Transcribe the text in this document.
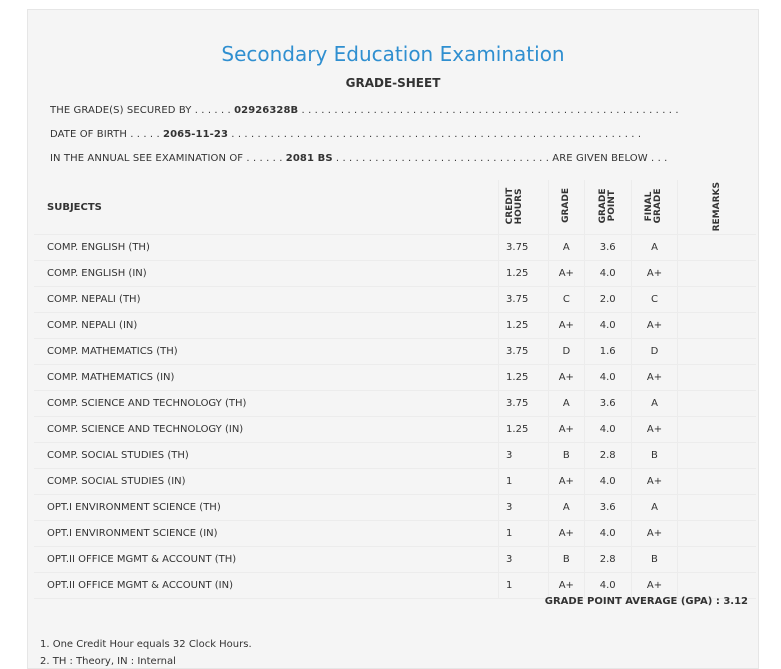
Secondary Education Examination
GRADE-SHEET
THE GRADE(S) SECURED BY . . . . . . 02926328B . . . . . . . . . . . . . . . . . . . . . . . . . . . . . . . . . . . . . . . . . . . . . . . . . . . . . . . . . .
DATE OF BIRTH . . . . . 2065-11-23 . . . . . . . . . . . . . . . . . . . . . . . . . . . . . . . . . . . . . . . . . . . . . . . . . . . . . . . . . . . . . . .
IN THE ANNUAL SEE EXAMINATION OF . . . . . . 2081 BS . . . . . . . . . . . . . . . . . . . . . . . . . . . . . . . . . ARE GIVEN BELOW . . .
SUBJECTS	CREDIT HOURS	GRADE	GRADE POINT	FINAL GRADE	REMARKS
COMP. ENGLISH (TH)	3.75	A	3.6	A	
COMP. ENGLISH (IN)	1.25	A+	4.0	A+	
COMP. NEPALI (TH)	3.75	C	2.0	C	
COMP. NEPALI (IN)	1.25	A+	4.0	A+	
COMP. MATHEMATICS (TH)	3.75	D	1.6	D	
COMP. MATHEMATICS (IN)	1.25	A+	4.0	A+	
COMP. SCIENCE AND TECHNOLOGY (TH)	3.75	A	3.6	A	
COMP. SCIENCE AND TECHNOLOGY (IN)	1.25	A+	4.0	A+	
COMP. SOCIAL STUDIES (TH)	3	B	2.8	B	
COMP. SOCIAL STUDIES (IN)	1	A+	4.0	A+	
OPT.I ENVIRONMENT SCIENCE (TH)	3	A	3.6	A	
OPT.I ENVIRONMENT SCIENCE (IN)	1	A+	4.0	A+	
OPT.II OFFICE MGMT & ACCOUNT (TH)	3	B	2.8	B	
OPT.II OFFICE MGMT & ACCOUNT (IN)	1	A+	4.0	A+	
GRADE POINT AVERAGE (GPA) : 3.12
1. One Credit Hour equals 32 Clock Hours.
2. TH : Theory, IN : Internal
